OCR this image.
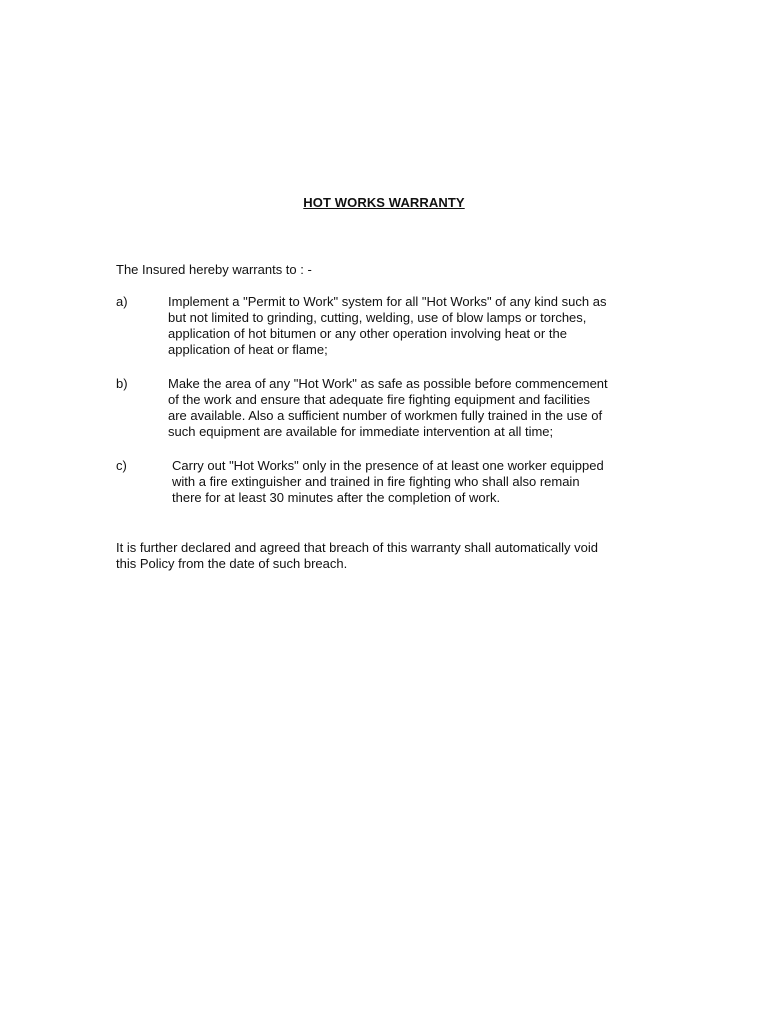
HOT WORKS WARRANTY
The Insured hereby warrants to : -
a)	Implement a "Permit to Work" system for all "Hot Works" of any kind such as
but not limited to grinding, cutting, welding, use of blow lamps or torches,
application of hot bitumen or any other operation involving heat or the
application of heat or flame;
b)	Make the area of any "Hot Work" as safe as possible before commencement
of the work and ensure that adequate fire fighting equipment and facilities
are available. Also a sufficient number of workmen fully trained in the use of
such equipment are available for immediate intervention at all time;
c)	Carry out "Hot Works" only in the presence of at least one worker equipped
with a fire extinguisher and trained in fire fighting who shall also remain
there for at least 30 minutes after the completion of work.
It is further declared and agreed that breach of this warranty shall automatically void
this Policy from the date of such breach.
